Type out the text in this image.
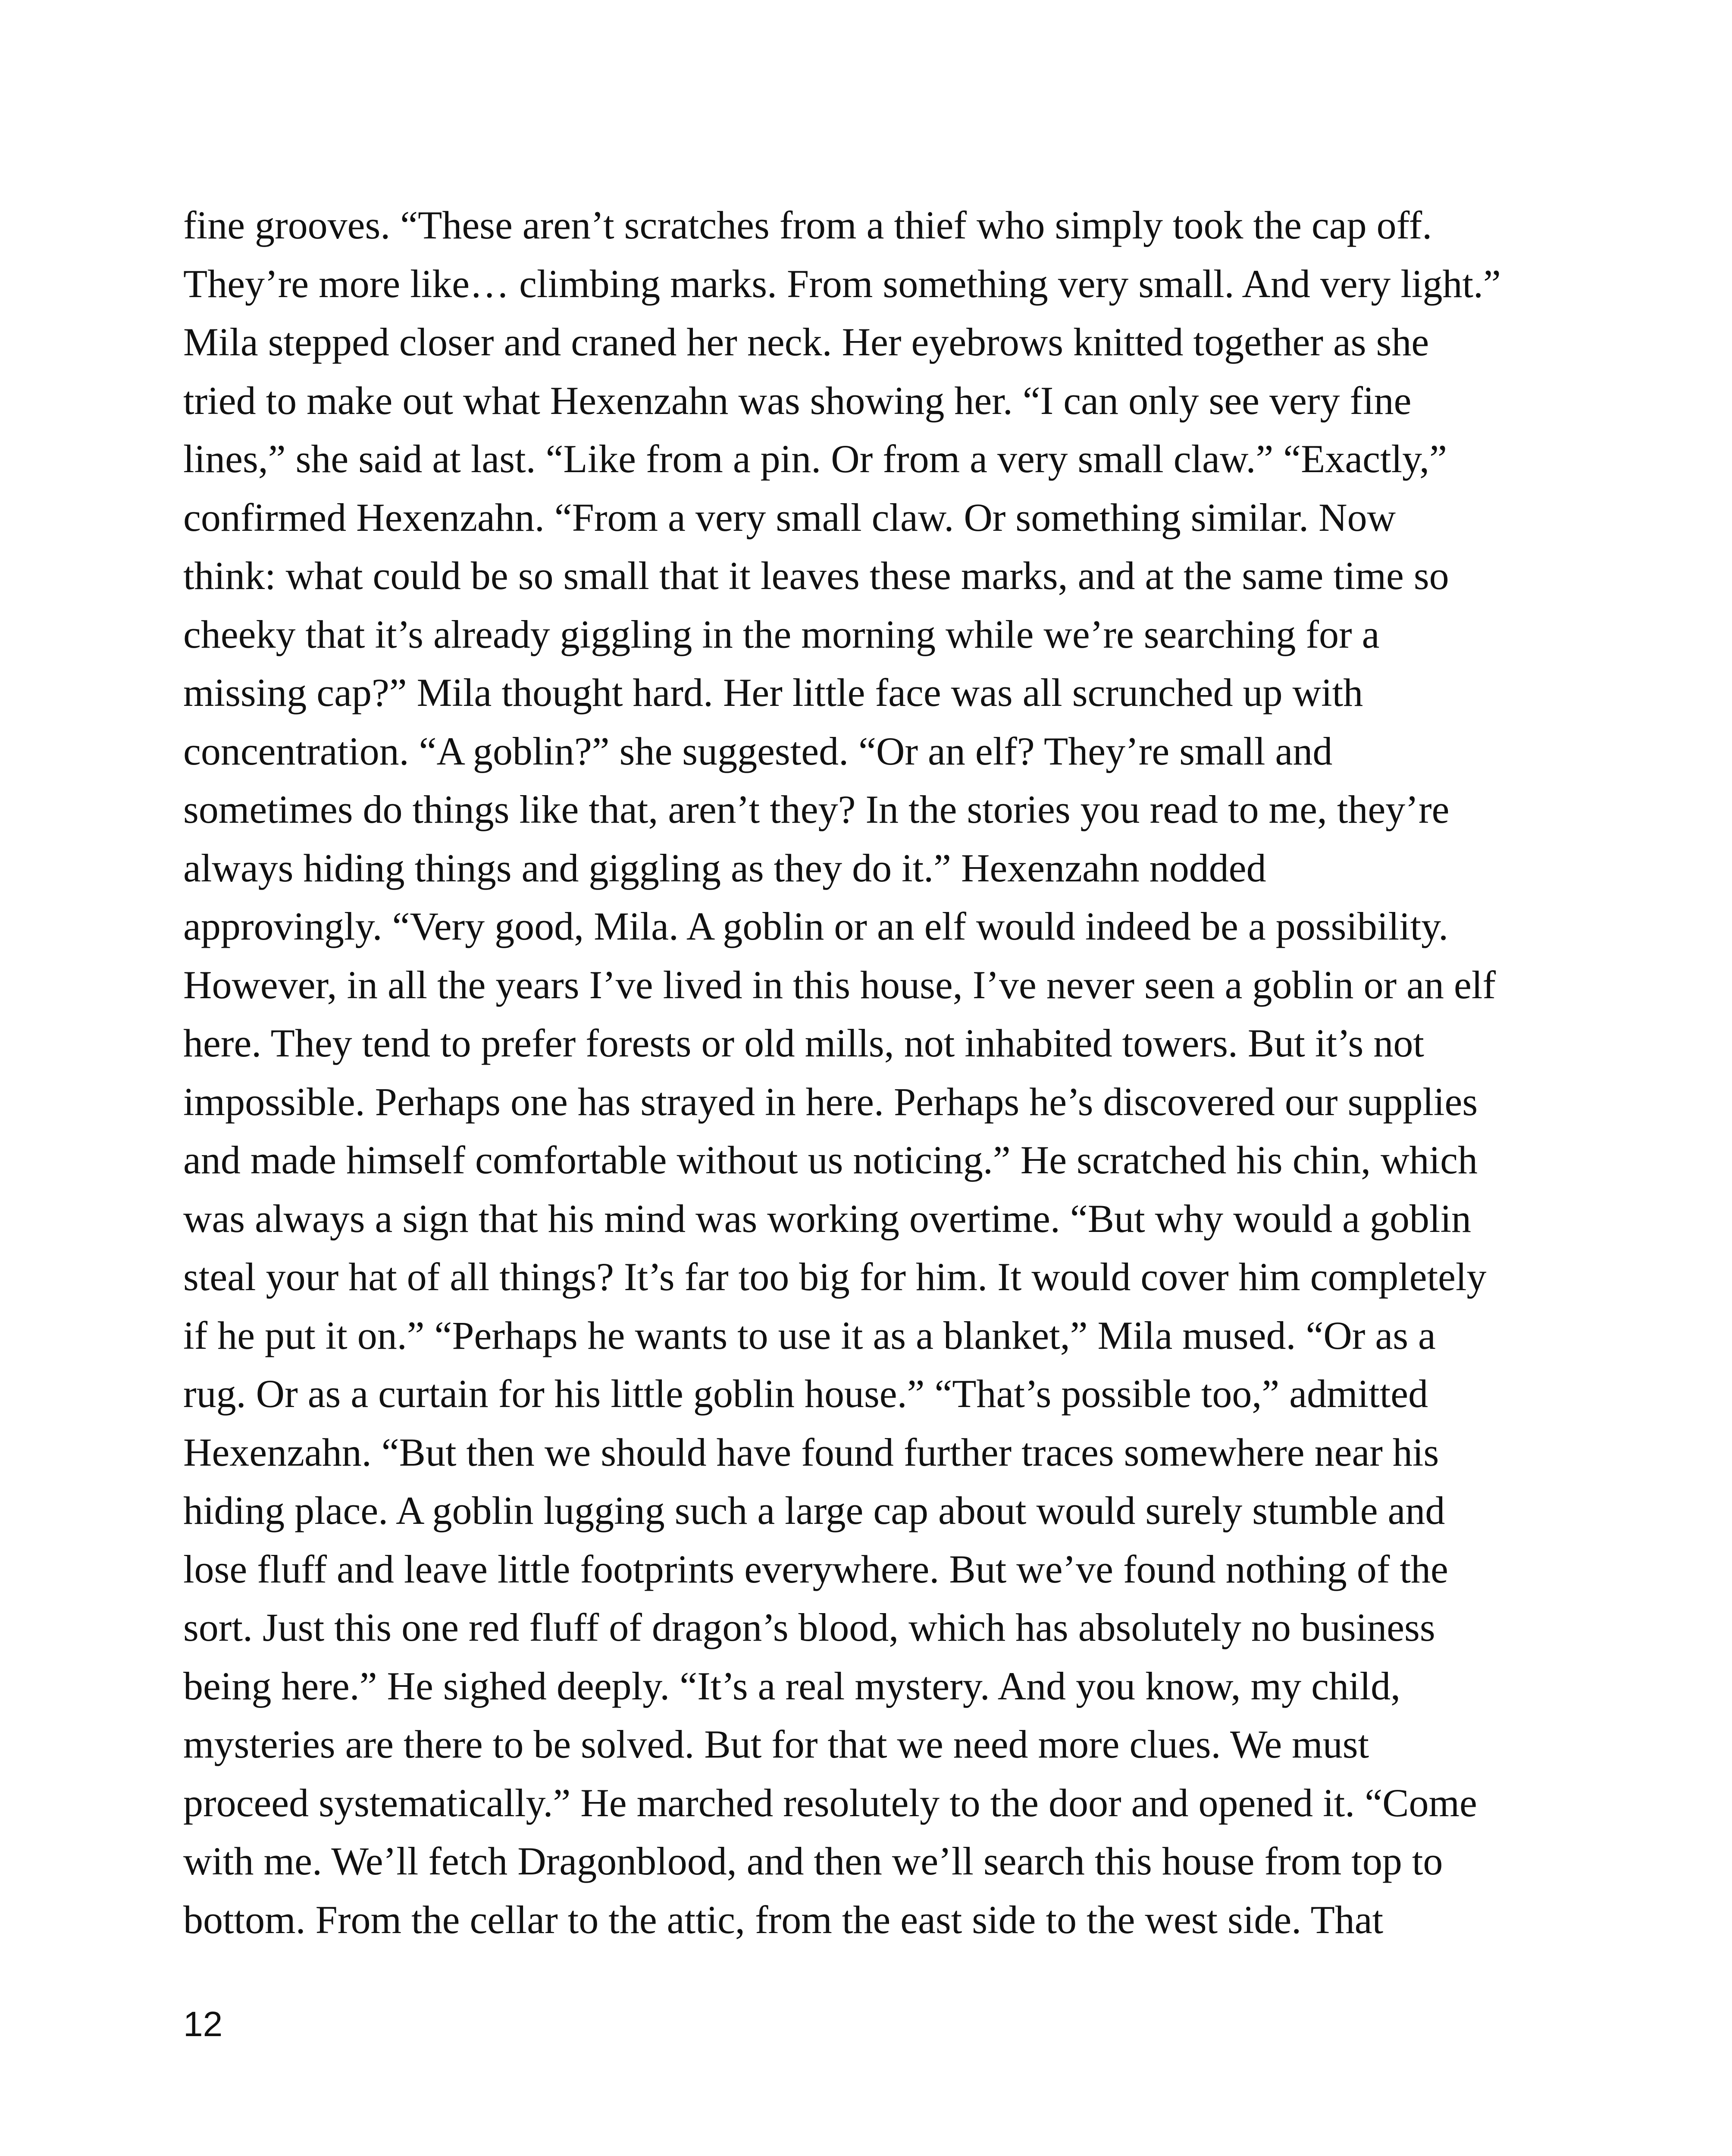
fine grooves. “These aren’t scratches from a thief who simply took the cap off.
They’re more like… climbing marks. From something very small. And very light.”
Mila stepped closer and craned her neck. Her eyebrows knitted together as she
tried to make out what Hexenzahn was showing her. “I can only see very fine
lines,” she said at last. “Like from a pin. Or from a very small claw.” “Exactly,”
confirmed Hexenzahn. “From a very small claw. Or something similar. Now
think: what could be so small that it leaves these marks, and at the same time so
cheeky that it’s already giggling in the morning while we’re searching for a
missing cap?” Mila thought hard. Her little face was all scrunched up with
concentration. “A goblin?” she suggested. “Or an elf? They’re small and
sometimes do things like that, aren’t they? In the stories you read to me, they’re
always hiding things and giggling as they do it.” Hexenzahn nodded
approvingly. “Very good, Mila. A goblin or an elf would indeed be a possibility.
However, in all the years I’ve lived in this house, I’ve never seen a goblin or an elf
here. They tend to prefer forests or old mills, not inhabited towers. But it’s not
impossible. Perhaps one has strayed in here. Perhaps he’s discovered our supplies
and made himself comfortable without us noticing.” He scratched his chin, which
was always a sign that his mind was working overtime. “But why would a goblin
steal your hat of all things? It’s far too big for him. It would cover him completely
if he put it on.” “Perhaps he wants to use it as a blanket,” Mila mused. “Or as a
rug. Or as a curtain for his little goblin house.” “That’s possible too,” admitted
Hexenzahn. “But then we should have found further traces somewhere near his
hiding place. A goblin lugging such a large cap about would surely stumble and
lose fluff and leave little footprints everywhere. But we’ve found nothing of the
sort. Just this one red fluff of dragon’s blood, which has absolutely no business
being here.” He sighed deeply. “It’s a real mystery. And you know, my child,
mysteries are there to be solved. But for that we need more clues. We must
proceed systematically.” He marched resolutely to the door and opened it. “Come
with me. We’ll fetch Dragonblood, and then we’ll search this house from top to
bottom. From the cellar to the attic, from the east side to the west side. That
12
